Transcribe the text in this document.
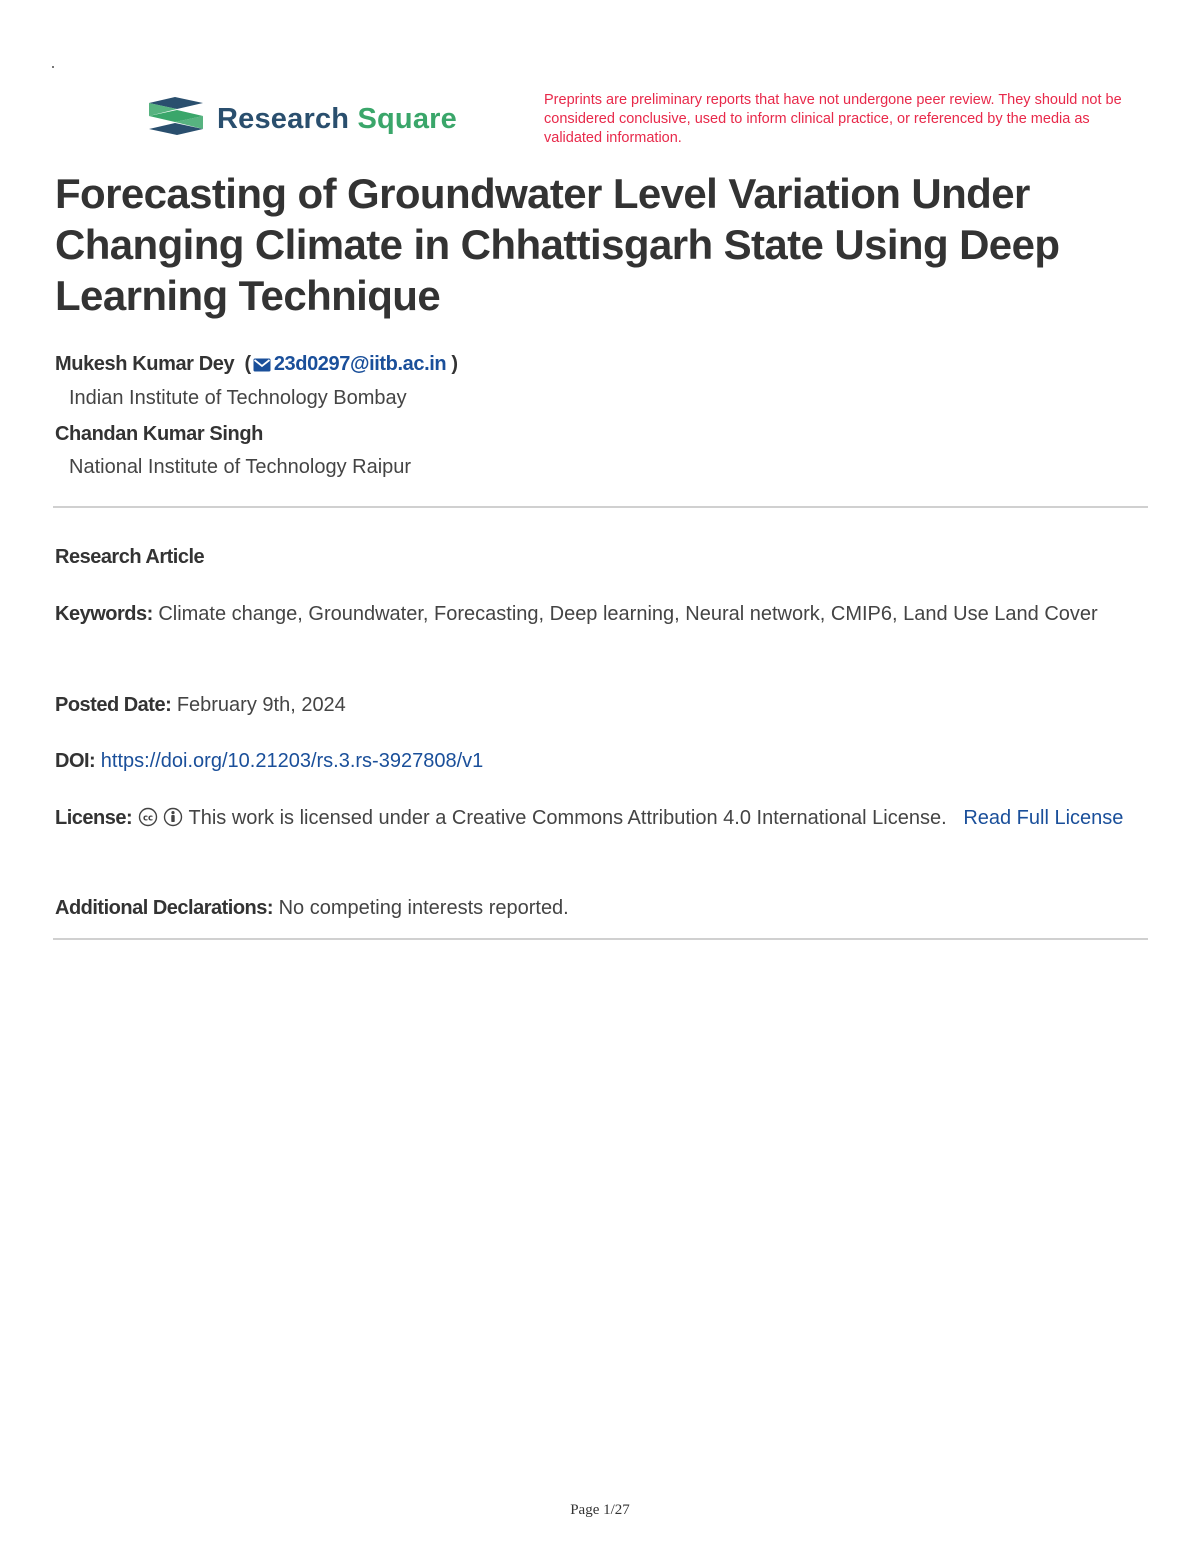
Research Square
Preprints are preliminary reports that have not undergone peer review. They should not be considered conclusive, used to inform clinical practice, or referenced by the media as validated information.
Forecasting of Groundwater Level Variation Under Changing Climate in Chhattisgarh State Using Deep Learning Technique
Mukesh Kumar Dey  ( 23d0297@iitb.ac.in )
Indian Institute of Technology Bombay
Chandan Kumar Singh
National Institute of Technology Raipur
Research Article
Keywords: Climate change, Groundwater, Forecasting, Deep learning, Neural network, CMIP6, Land Use Land Cover
Posted Date: February 9th, 2024
DOI: https://doi.org/10.21203/rs.3.rs-3927808/v1
License: cc This work is licensed under a Creative Commons Attribution 4.0 International License. Read Full License
Additional Declarations: No competing interests reported.
Page 1/27
